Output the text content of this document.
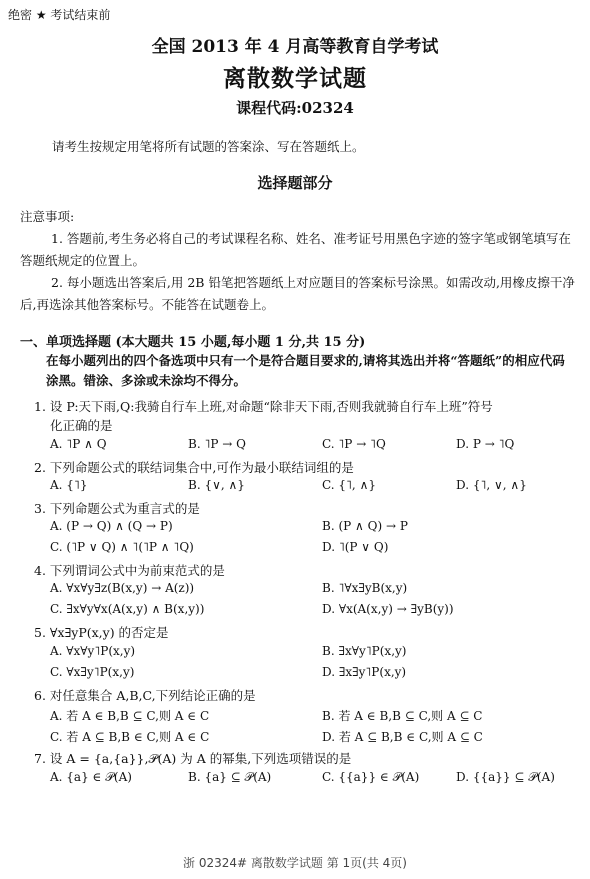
绝密 ★ 考试结束前
全国 2013 年 4 月高等教育自学考试
离散数学试题
课程代码:02324
请考生按规定用笔将所有试题的答案涂、写在答题纸上。
选择题部分
注意事项:
1. 答题前,考生务必将自己的考试课程名称、姓名、准考证号用黑色字迹的签字笔或钢笔填写在答题纸规定的位置上。
2. 每小题选出答案后,用 2B 铅笔把答题纸上对应题目的答案标号涂黑。如需改动,用橡皮擦干净后,再选涂其他答案标号。不能答在试题卷上。
一、单项选择题 (本大题共 15 小题,每小题 1 分,共 15 分)
在每小题列出的四个备选项中只有一个是符合题目要求的,请将其选出并将“答题纸”的相应代码涂黑。错涂、多涂或未涂均不得分。
1. 设 P:天下雨,Q:我骑自行车上班,对命题“除非天下雨,否则我就骑自行车上班”符号
化正确的是
A. ˥P ∧ Q	B. ˥P → Q	C. ˥P → ˥Q	D. P → ˥Q
2. 下列命题公式的联结词集合中,可作为最小联结词组的是
A. {˥}	B. {∨, ∧}	C. {˥, ∧}	D. {˥, ∨, ∧}
3. 下列命题公式为重言式的是
A. (P → Q) ∧ (Q → P)	B. (P ∧ Q) → P
C. (˥P ∨ Q) ∧ ˥(˥P ∧ ˥Q)	D. ˥(P ∨ Q)
4. 下列谓词公式中为前束范式的是
A. ∀x∀y∃z(B(x,y) → A(z))	B. ˥∀x∃yB(x,y)
C. ∃x∀y∀x(A(x,y) ∧ B(x,y))	D. ∀x(A(x,y) → ∃yB(y))
5. ∀x∃yP(x,y) 的否定是
A. ∀x∀y˥P(x,y)	B. ∃x∀y˥P(x,y)
C. ∀x∃y˥P(x,y)	D. ∃x∃y˥P(x,y)
6. 对任意集合 A,B,C,下列结论正确的是
A. 若 A ∈ B,B ⊆ C,则 A ∈ C	B. 若 A ∈ B,B ⊆ C,则 A ⊆ C
C. 若 A ⊆ B,B ∈ C,则 A ∈ C	D. 若 A ⊆ B,B ∈ C,则 A ⊆ C
7. 设 A = {a,{a}},𝒫(A) 为 A 的幂集,下列选项错误的是
A. {a} ∈ 𝒫(A)	B. {a} ⊆ 𝒫(A)	C. {{a}} ∈ 𝒫(A)	D. {{a}} ⊆ 𝒫(A)
浙 02324# 离散数学试题 第 1页(共 4页)
